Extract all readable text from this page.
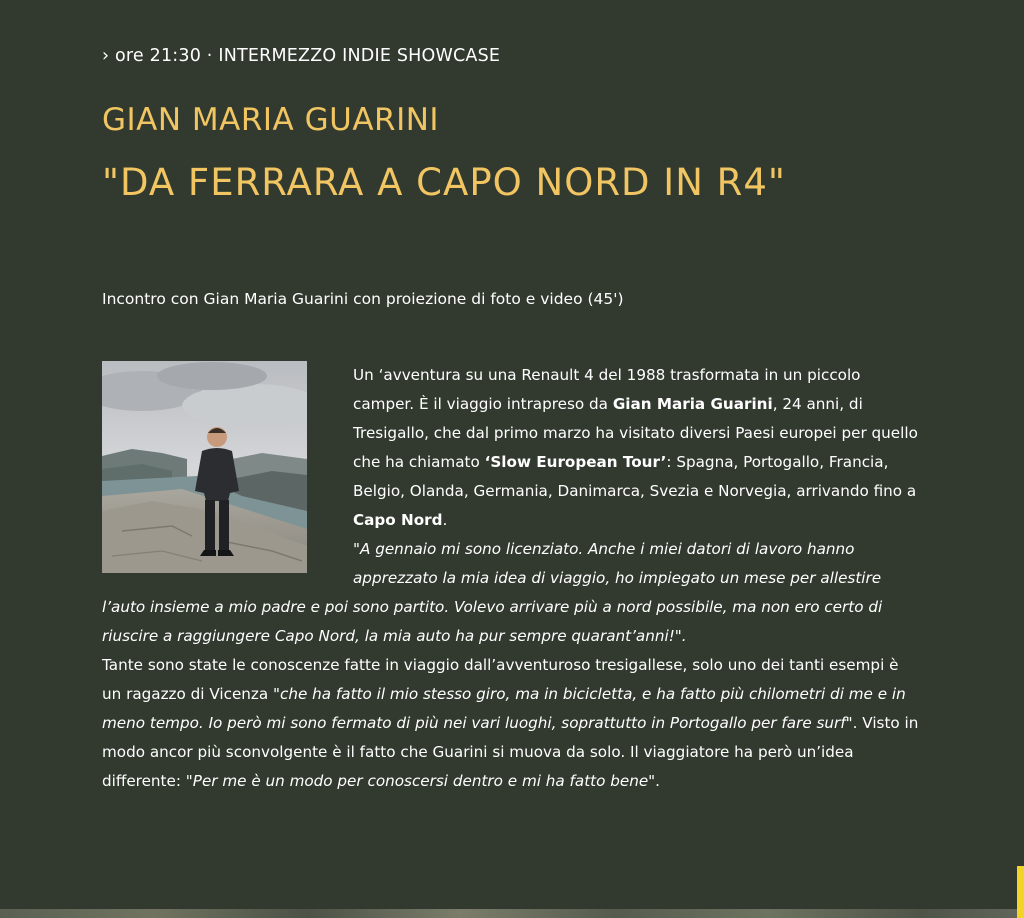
› ore 21:30 · INTERMEZZO INDIE SHOWCASE
GIAN MARIA GUARINI
"DA FERRARA A CAPO NORD IN R4"
Incontro con Gian Maria Guarini con proiezione di foto e video (45')
Un ‘avventura su una Renault 4 del 1988 trasformata in un piccolo camper. È il viaggio intrapreso da Gian Maria Guarini, 24 anni, di Tresigallo, che dal primo marzo ha visitato diversi Paesi europei per quello che ha chiamato ‘Slow European Tour’: Spagna, Portogallo, Francia, Belgio, Olanda, Germania, Danimarca, Svezia e Norvegia, arrivando fino a Capo Nord.
"A gennaio mi sono licenziato. Anche i miei datori di lavoro hanno apprezzato la mia idea di viaggio, ho impiegato un mese per allestire l’auto insieme a mio padre e poi sono partito. Volevo arrivare più a nord possibile, ma non ero certo di riuscire a raggiungere Capo Nord, la mia auto ha pur sempre quarant’anni!".
Tante sono state le conoscenze fatte in viaggio dall’avventuroso tresigallese, solo uno dei tanti esempi è un ragazzo di Vicenza "che ha fatto il mio stesso giro, ma in bicicletta, e ha fatto più chilometri di me e in meno tempo. Io però mi sono fermato di più nei vari luoghi, soprattutto in Portogallo per fare surf". Visto in modo ancor più sconvolgente è il fatto che Guarini si muova da solo. Il viaggiatore ha però un’idea differente: "Per me è un modo per conoscersi dentro e mi ha fatto bene".
